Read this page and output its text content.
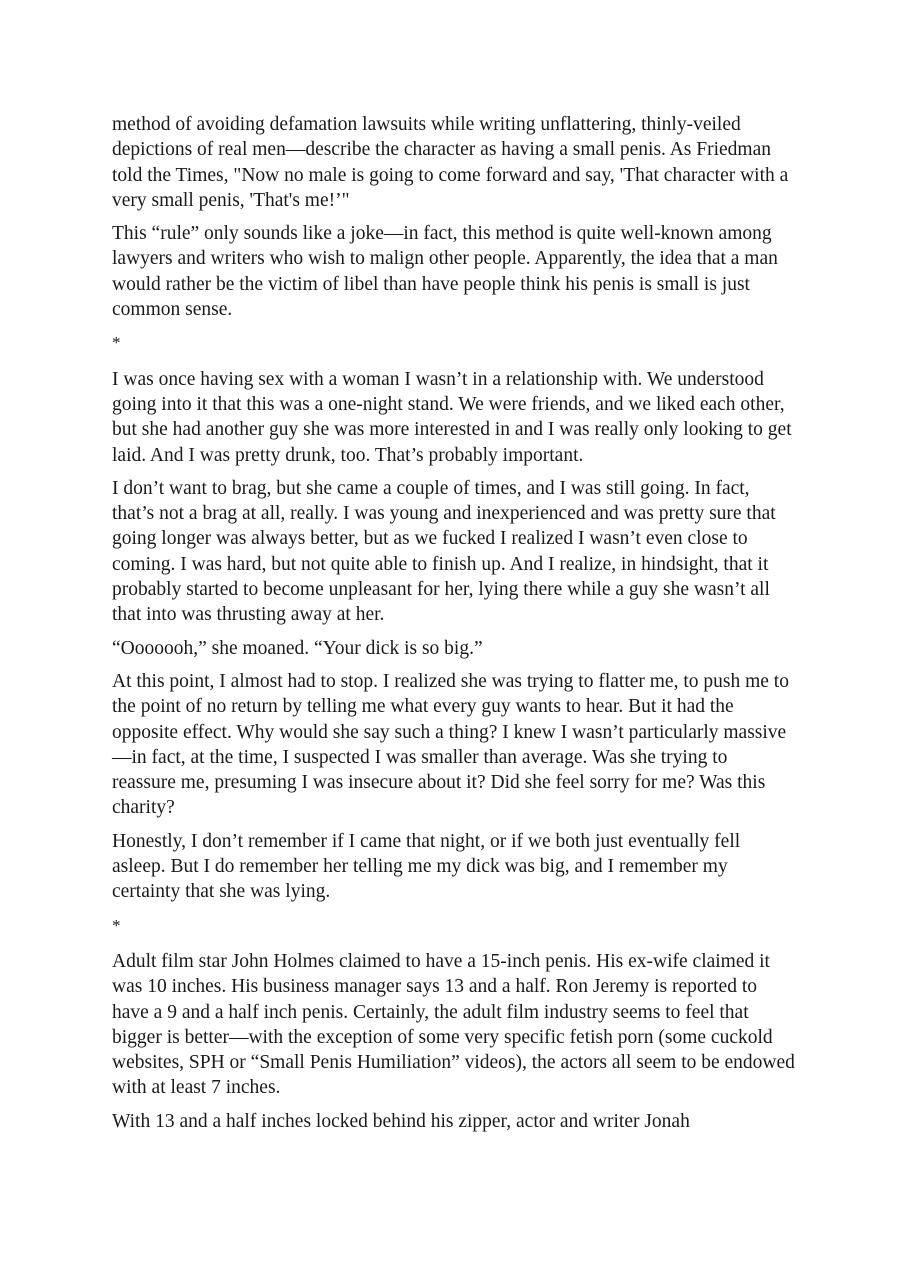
method of avoiding defamation lawsuits while writing unflattering, thinly-veiled depictions of real men—describe the character as having a small penis. As Friedman told the Times, "Now no male is going to come forward and say, 'That character with a very small penis, 'That's me!’"

This “rule” only sounds like a joke—in fact, this method is quite well-known among lawyers and writers who wish to malign other people. Apparently, the idea that a man would rather be the victim of libel than have people think his penis is small is just common sense.

*

I was once having sex with a woman I wasn’t in a relationship with. We understood going into it that this was a one-night stand. We were friends, and we liked each other, but she had another guy she was more interested in and I was really only looking to get laid. And I was pretty drunk, too. That’s probably important.

I don’t want to brag, but she came a couple of times, and I was still going. In fact, that’s not a brag at all, really. I was young and inexperienced and was pretty sure that going longer was always better, but as we fucked I realized I wasn’t even close to coming. I was hard, but not quite able to finish up. And I realize, in hindsight, that it probably started to become unpleasant for her, lying there while a guy she wasn’t all that into was thrusting away at her.

“Ooooooh,” she moaned. “Your dick is so big.”

At this point, I almost had to stop. I realized she was trying to flatter me, to push me to the point of no return by telling me what every guy wants to hear. But it had the opposite effect. Why would she say such a thing? I knew I wasn’t particularly massive—in fact, at the time, I suspected I was smaller than average. Was she trying to reassure me, presuming I was insecure about it? Did she feel sorry for me? Was this charity?

Honestly, I don’t remember if I came that night, or if we both just eventually fell asleep. But I do remember her telling me my dick was big, and I remember my certainty that she was lying.

*

Adult film star John Holmes claimed to have a 15-inch penis. His ex-wife claimed it was 10 inches. His business manager says 13 and a half. Ron Jeremy is reported to have a 9 and a half inch penis. Certainly, the adult film industry seems to feel that bigger is better—with the exception of some very specific fetish porn (some cuckold websites, SPH or “Small Penis Humiliation” videos), the actors all seem to be endowed with at least 7 inches.

With 13 and a half inches locked behind his zipper, actor and writer Jonah
